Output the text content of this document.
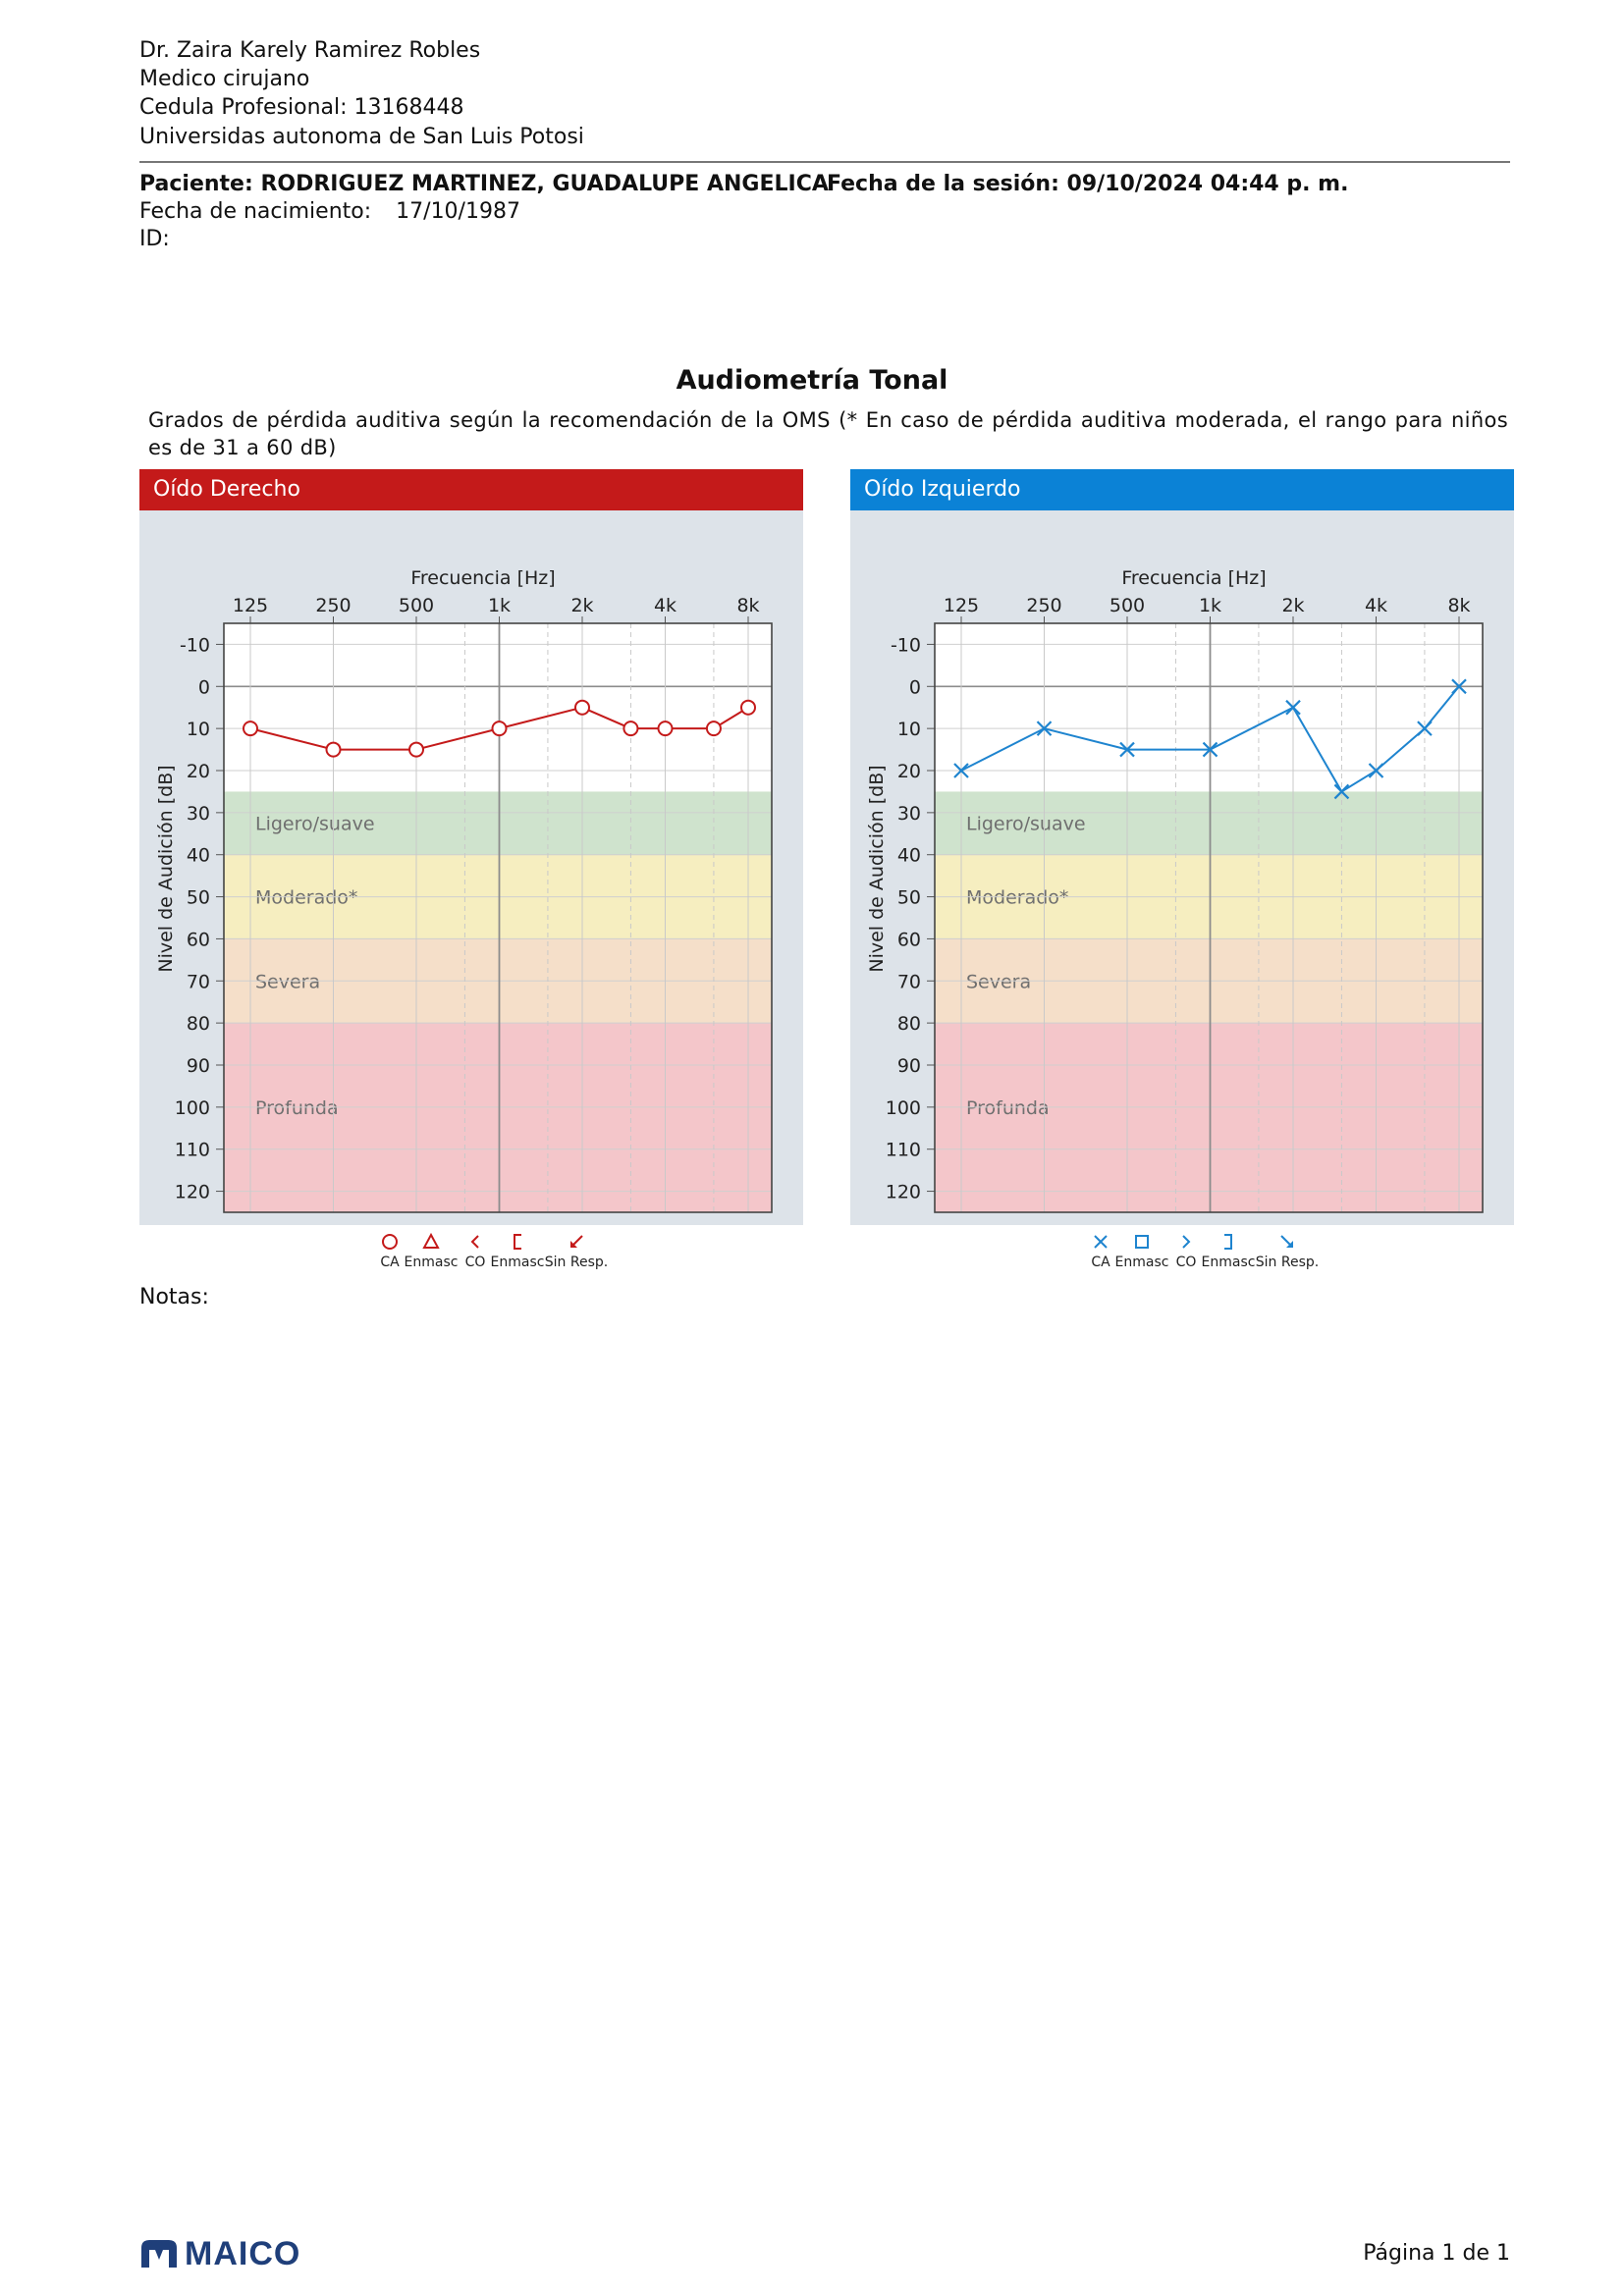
Dr. Zaira Karely Ramirez Robles
Medico cirujano
Cedula Profesional: 13168448
Universidas autonoma de San Luis Potosi
Paciente: RODRIGUEZ MARTINEZ, GUADALUPE ANGELICA
Fecha de la sesión: 09/10/2024 04:44 p. m.
Fecha de nacimiento: 17/10/1987
ID:
Audiometría Tonal
Grados de pérdida auditiva según la recomendación de la OMS (* En caso de pérdida auditiva moderada, el rango para niños es de 31 a 60 dB)
Oído Derecho
Ligero/suave
Moderado*
Severa
Profunda
-10
0
10
20
30
40
50
60
70
80
90
100
110
120
125	250	500	1k	2k	4k	8k
Frecuencia [Hz]
Nivel de Audición [dB]
CA Enmasc CO Enmasc Sin Resp.
Oído Izquierdo
Ligero/suave
Moderado*
Severa
Profunda
-10
0
10
20
30
40
50
60
70
80
90
100
110
120
125	250	500	1k	2k	4k	8k
Frecuencia [Hz]
Nivel de Audición [dB]
CA Enmasc CO Enmasc Sin Resp.
Notas:
MAICO	Página 1 de 1
